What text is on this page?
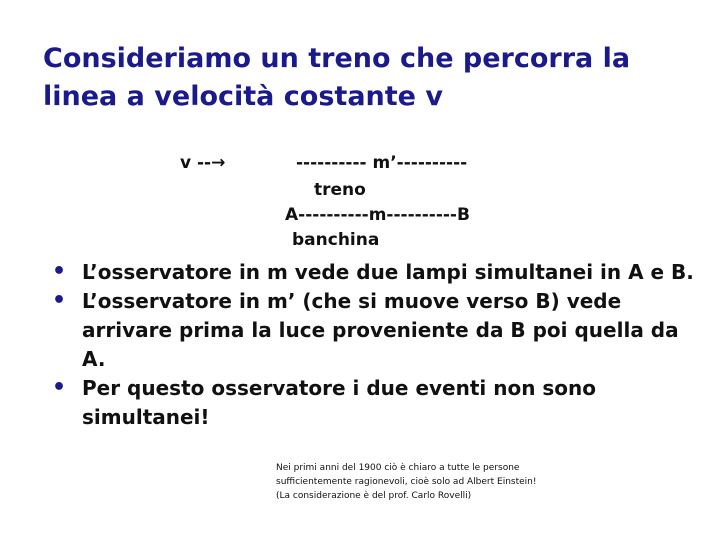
Consideriamo un treno che percorra la
linea a velocità costante v
v --→	---------- m’----------
treno
A----------m----------B
banchina
• L’osservatore in m vede due lampi simultanei in A e B.
• L’osservatore in m’ (che si muove verso B) vede arrivare prima la luce proveniente da B poi quella da A.
• Per questo osservatore i due eventi non sono simultanei!
Nei primi anni del 1900 ciò è chiaro a tutte le persone
sufficientemente ragionevoli, cioè solo ad Albert Einstein!
(La considerazione è del prof. Carlo Rovelli)
